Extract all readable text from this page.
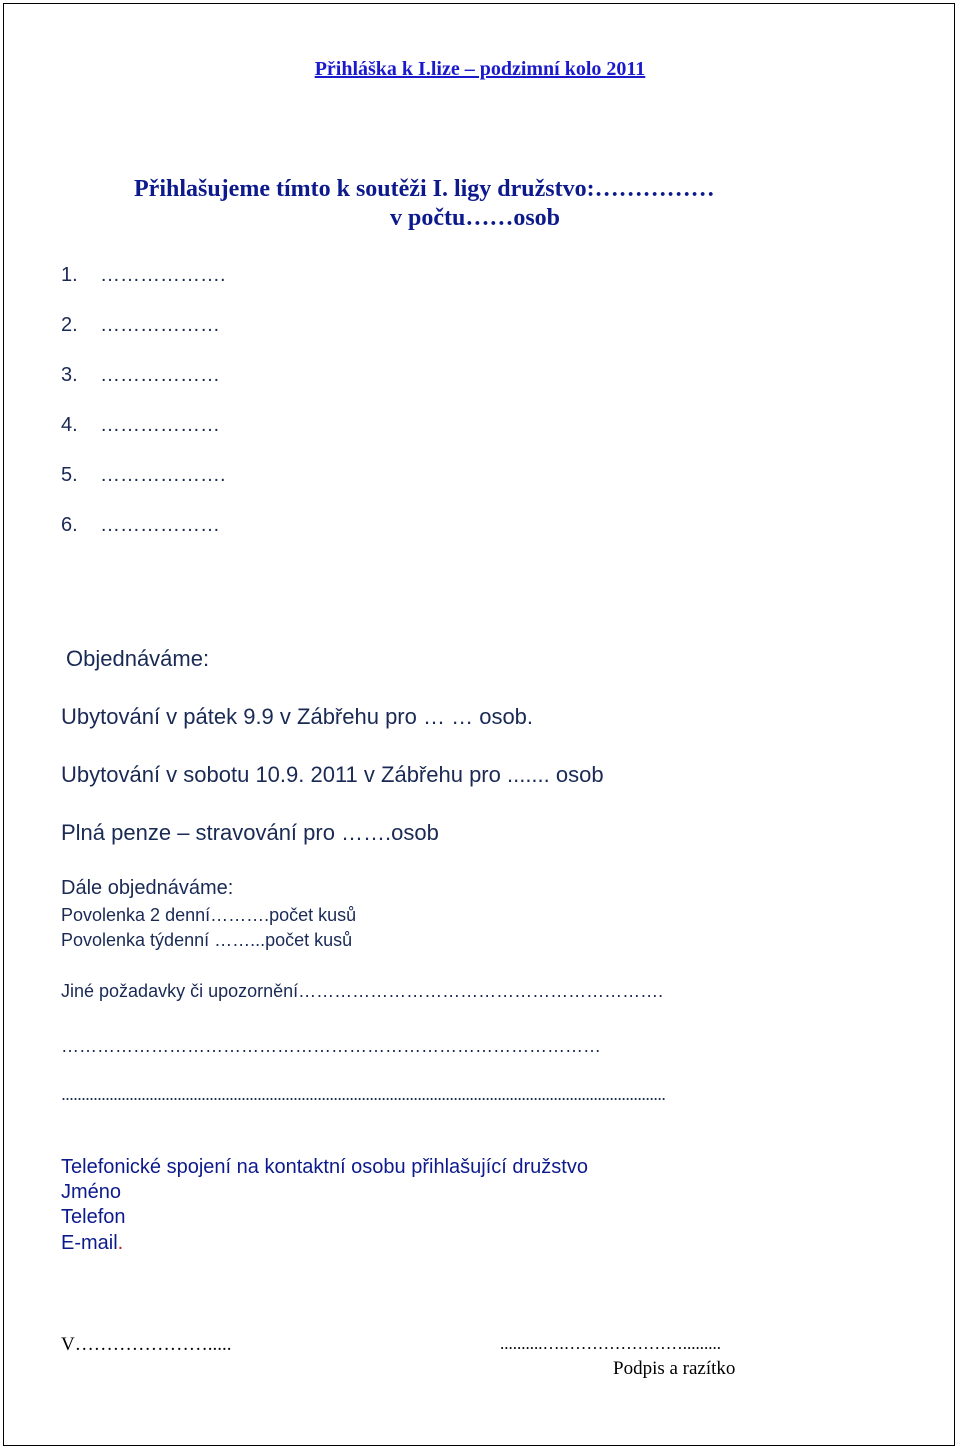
Přihláška k I.lize – podzimní kolo 2011

Přihlašujeme tímto k soutěži I. ligy družstvo:……………

v počtu……osob

1. ……………….

2. ………………

3. ………………

4. ………………

5. ……………….

6. ………………

Objednáváme:

Ubytování v pátek 9.9 v Zábřehu pro … … osob.

Ubytování v sobotu 10.9. 2011 v Zábřehu pro ....... osob

Plná penze – stravování pro …….osob

Dále objednáváme:

Povolenka 2 denní……….počet kusů

Povolenka týdenní ……...počet kusů

Jiné požadavky či upozornění…………………………………………………….

………………………………………………………………………………

.......................................................................................................................................................

Telefonické spojení na kontaktní osobu přihlašující družstvo

Jméno

Telefon

E-mail.

V………………….....	..........….………………….........

Podpis a razítko
